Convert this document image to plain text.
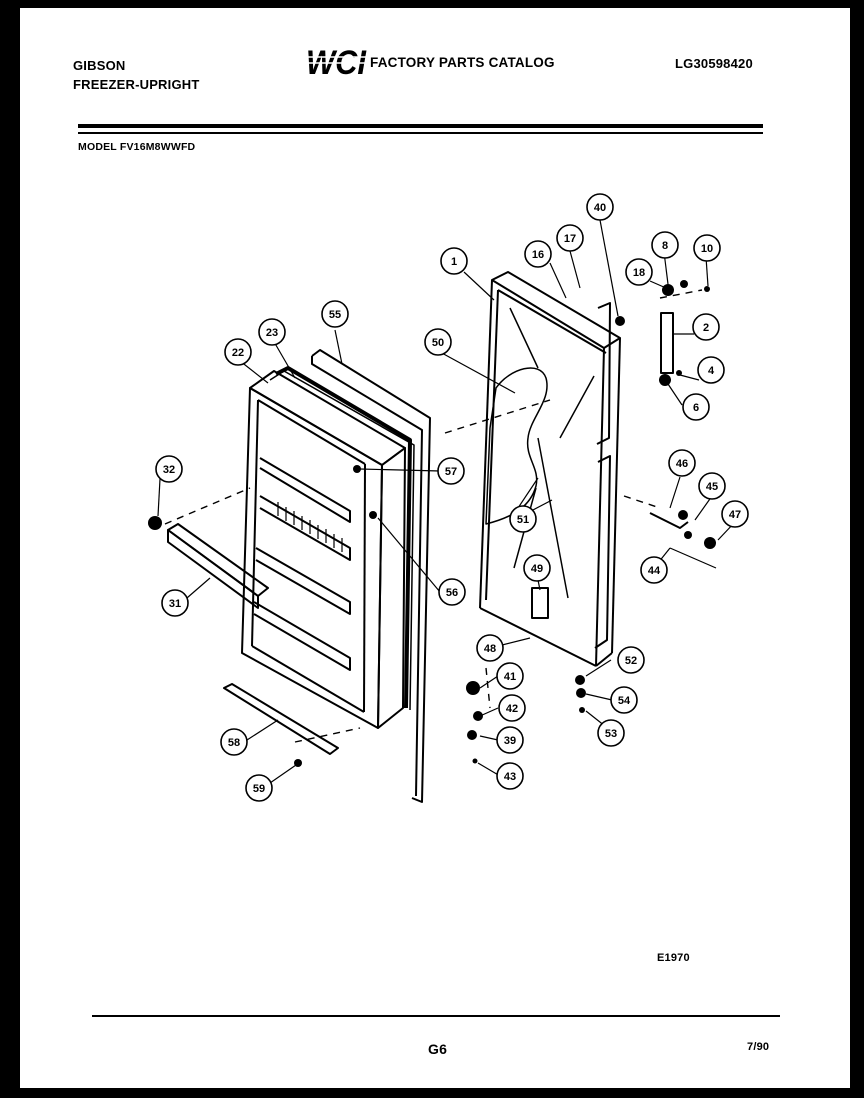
GIBSON
FREEZER-UPRIGHT
WCI FACTORY PARTS CATALOG	LG30598420
MODEL FV16M8WWFD
1
40
17
16
8	10
18
2
4
6
55
23
50
22
57
32	46
45
47
51
56
31
49	44
48
52
41
54
42
53
58	39
43
59
E1970
G6	7/90
